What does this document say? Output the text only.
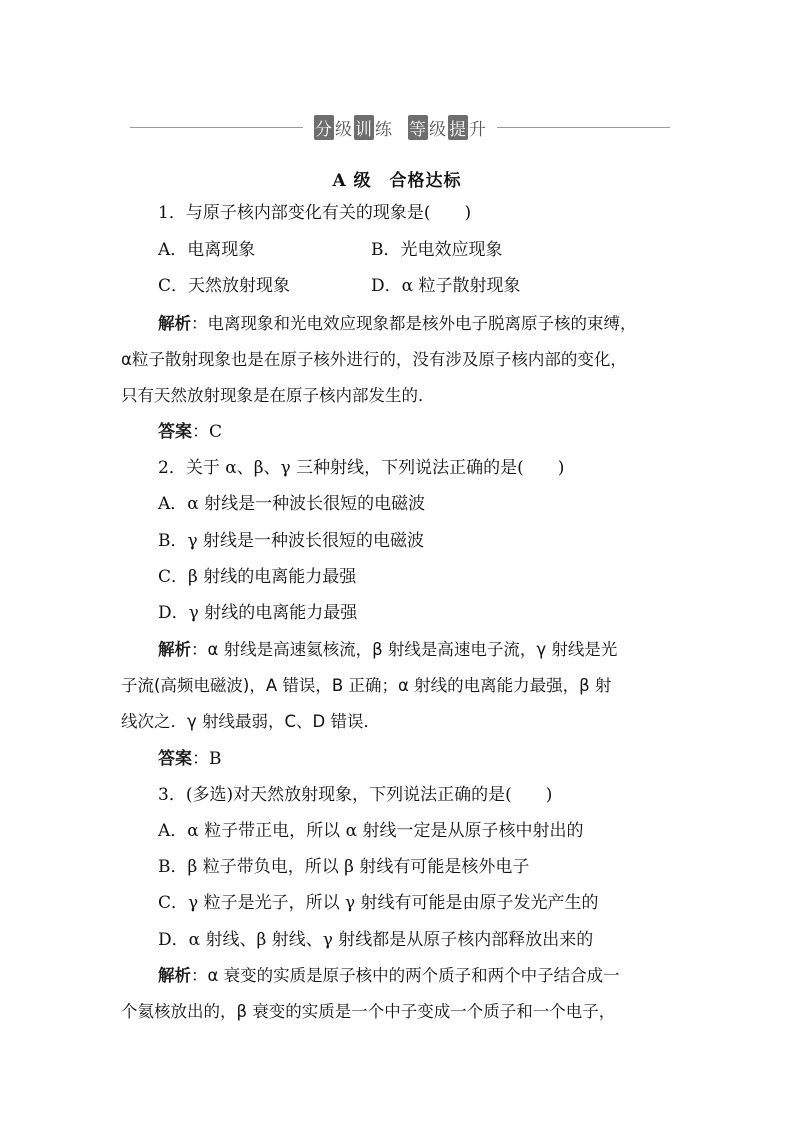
分 级 训 练 等 级 提 升
A 级　合格达标
1．与原子核内部变化有关的现象是(　　)
A．电离现象	B．光电效应现象
C．天然放射现象	D．α 粒子散射现象
解析：电离现象和光电效应现象都是核外电子脱离原子核的束缚，
α粒子散射现象也是在原子核外进行的，没有涉及原子核内部的变化，
只有天然放射现象是在原子核内部发生的．
答案：C
2．关于 α、β、γ 三种射线，下列说法正确的是(　　)
A．α 射线是一种波长很短的电磁波
B．γ 射线是一种波长很短的电磁波
C．β 射线的电离能力最强
D．γ 射线的电离能力最强
解析：α 射线是高速氦核流，β 射线是高速电子流，γ 射线是光
子流(高频电磁波)，A 错误，B 正确；α 射线的电离能力最强，β 射
线次之．γ 射线最弱，C、D 错误．
答案：B
3．(多选)对天然放射现象，下列说法正确的是(　　)
A．α 粒子带正电，所以 α 射线一定是从原子核中射出的
B．β 粒子带负电，所以 β 射线有可能是核外电子
C．γ 粒子是光子，所以 γ 射线有可能是由原子发光产生的
D．α 射线、β 射线、γ 射线都是从原子核内部释放出来的
解析：α 衰变的实质是原子核中的两个质子和两个中子结合成一
个氦核放出的，β 衰变的实质是一个中子变成一个质子和一个电子，
